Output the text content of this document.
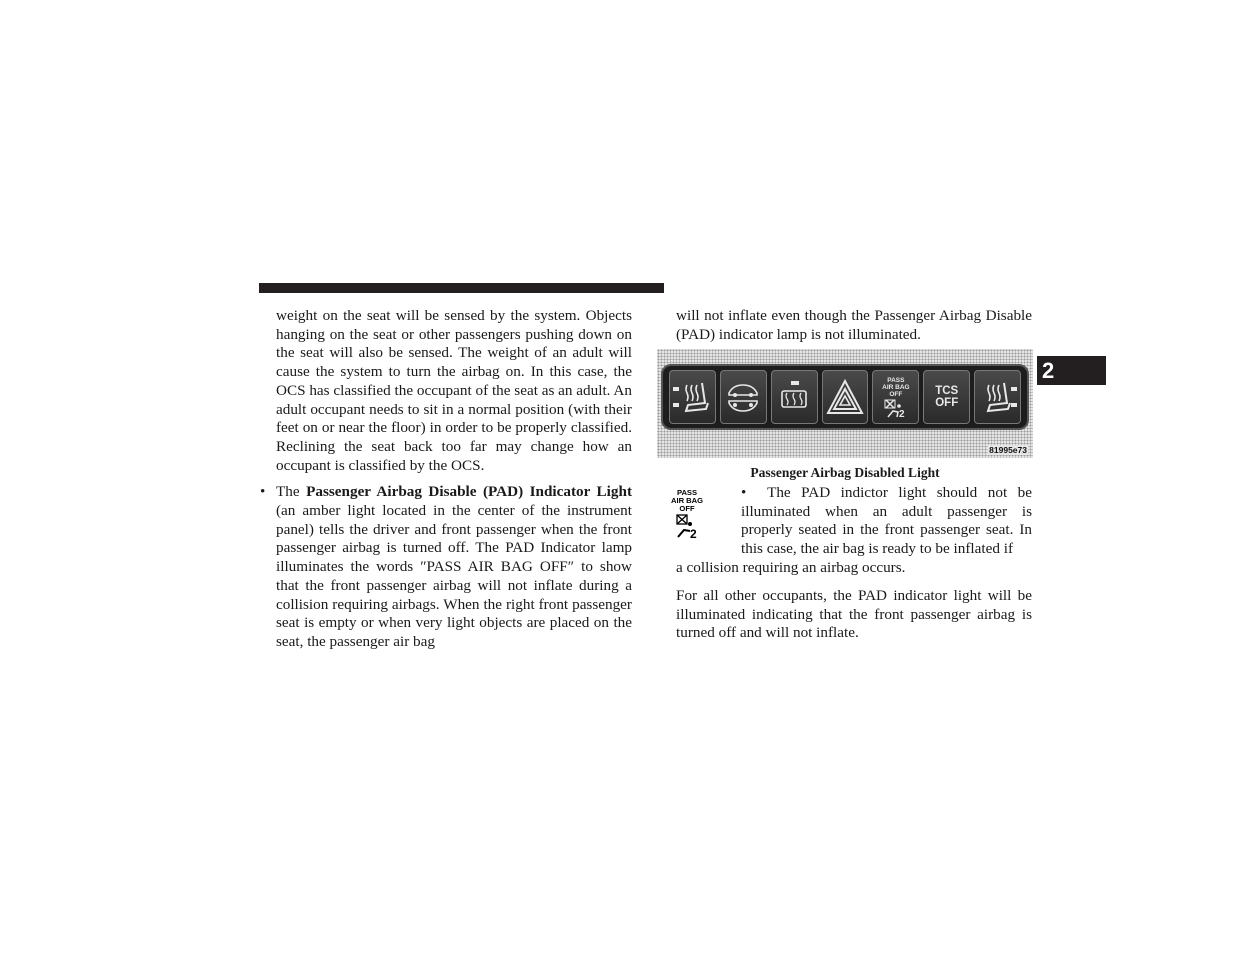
2

weight on the seat will be sensed by the system. Objects hanging on the seat or other passengers pushing down on the seat will also be sensed. The weight of an adult will cause the system to turn the airbag on. In this case, the OCS has classified the occupant of the seat as an adult. An adult occupant needs to sit in a normal position (with their feet on or near the floor) in order to be properly classified. Reclining the seat back too far may change how an occupant is classified by the OCS.

• The Passenger Airbag Disable (PAD) Indicator Light (an amber light located in the center of the instrument panel) tells the driver and front passenger when the front passenger airbag is turned off. The PAD Indicator lamp illuminates the words ″PASS AIR BAG OFF″ to show that the front passenger airbag will not inflate during a collision requiring airbags. When the right front passenger seat is empty or when very light objects are placed on the seat, the passenger air bag

will not inflate even though the Passenger Airbag Disable (PAD) indicator lamp is not illuminated.

PASS
AIR BAG
OFF
2
TCS
OFF
81995e73
Passenger Airbag Disabled Light
PASS
AIR BAG
OFF
2
• The PAD indictor light should not be illuminated when an adult passenger is properly seated in the front passenger seat. In this case, the air bag is ready to be inflated if

a collision requiring an airbag occurs.

For all other occupants, the PAD indicator light will be illuminated indicating that the front passenger airbag is turned off and will not inflate.
